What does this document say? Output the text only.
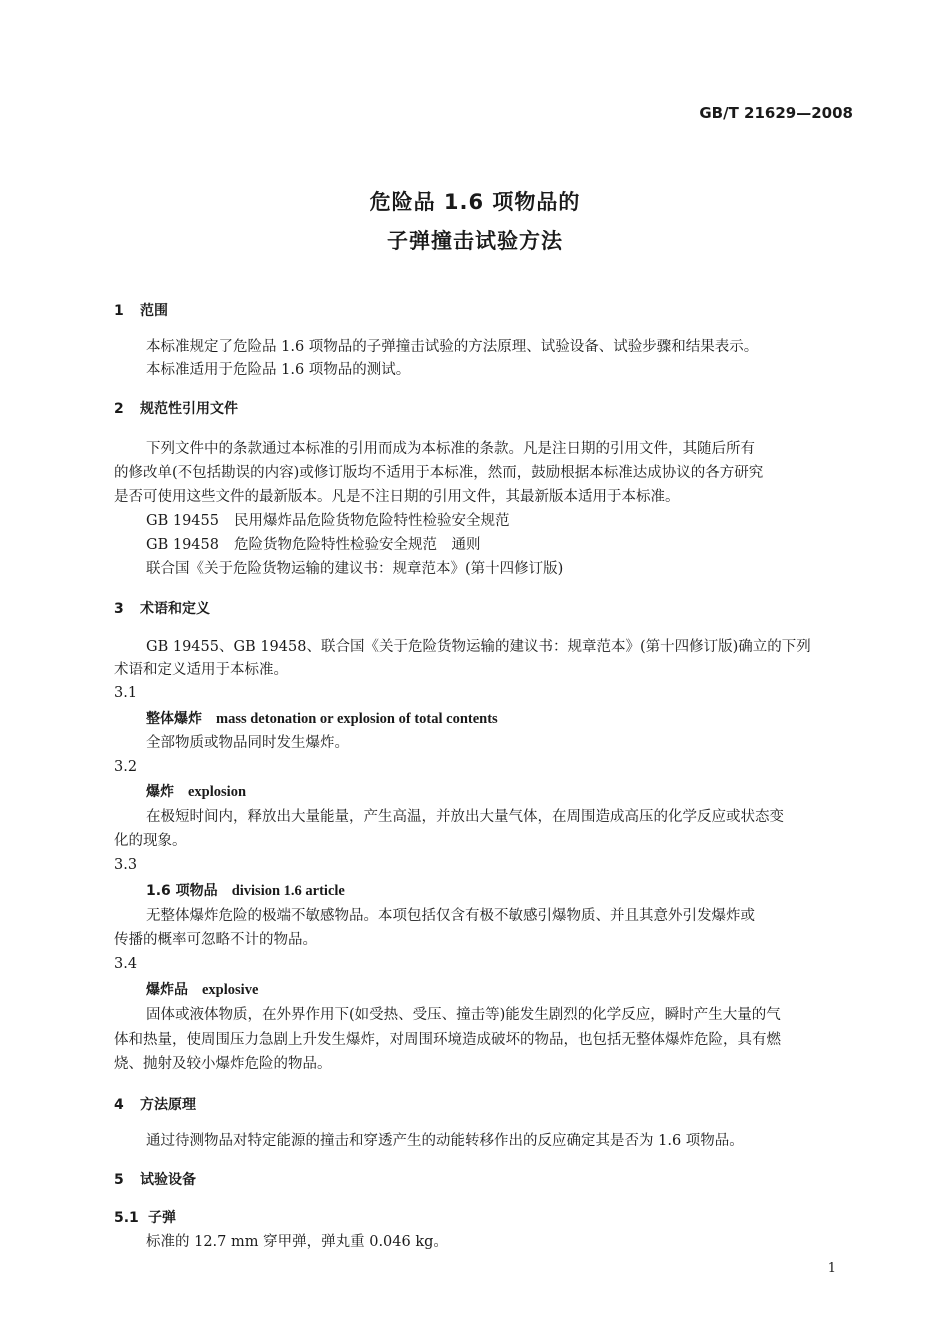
GB/T 21629—2008
危险品 1.6 项物品的
子弹撞击试验方法
1 范围
本标准规定了危险品 1.6 项物品的子弹撞击试验的方法原理、试验设备、试验步骤和结果表示。
本标准适用于危险品 1.6 项物品的测试。
2 规范性引用文件
下列文件中的条款通过本标准的引用而成为本标准的条款。凡是注日期的引用文件，其随后所有
的修改单(不包括勘误的内容)或修订版均不适用于本标准，然而，鼓励根据本标准达成协议的各方研究
是否可使用这些文件的最新版本。凡是不注日期的引用文件，其最新版本适用于本标准。
GB 19455 民用爆炸品危险货物危险特性检验安全规范
GB 19458 危险货物危险特性检验安全规范　通则
联合国《关于危险货物运输的建议书：规章范本》(第十四修订版)
3 术语和定义
GB 19455、GB 19458、联合国《关于危险货物运输的建议书：规章范本》(第十四修订版)确立的下列
术语和定义适用于本标准。
3.1
整体爆炸 mass detonation or explosion of total contents
全部物质或物品同时发生爆炸。
3.2
爆炸 explosion
在极短时间内，释放出大量能量，产生高温，并放出大量气体，在周围造成高压的化学反应或状态变
化的现象。
3.3
1.6 项物品 division 1.6 article
无整体爆炸危险的极端不敏感物品。本项包括仅含有极不敏感引爆物质、并且其意外引发爆炸或
传播的概率可忽略不计的物品。
3.4
爆炸品 explosive
固体或液体物质，在外界作用下(如受热、受压、撞击等)能发生剧烈的化学反应，瞬时产生大量的气
体和热量，使周围压力急剧上升发生爆炸，对周围环境造成破坏的物品，也包括无整体爆炸危险，具有燃
烧、抛射及较小爆炸危险的物品。
4 方法原理
通过待测物品对特定能源的撞击和穿透产生的动能转移作出的反应确定其是否为 1.6 项物品。
5 试验设备
5.1 子弹
标准的 12.7 mm 穿甲弹，弹丸重 0.046 kg。
1
